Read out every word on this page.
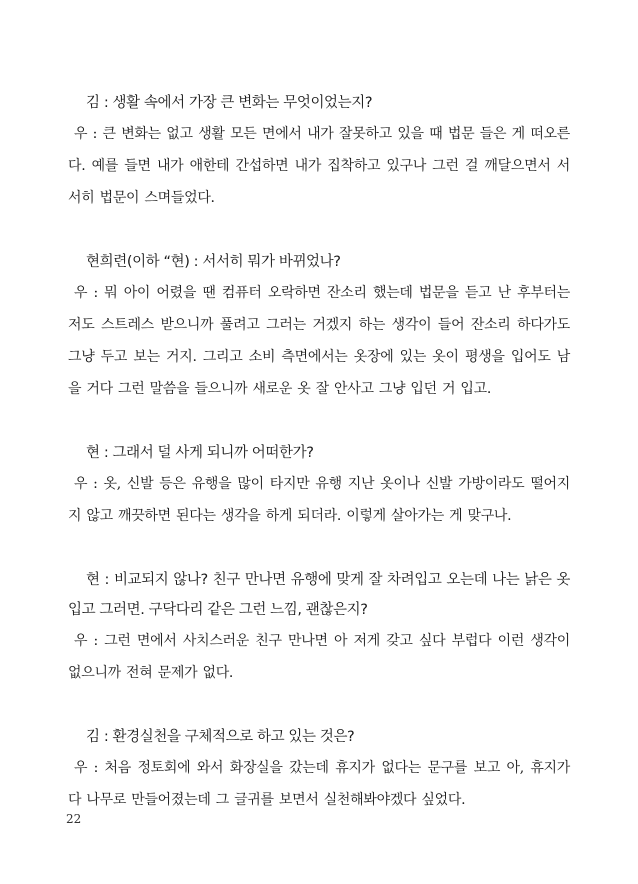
김 : 생활 속에서 가장 큰 변화는 무엇이었는지?

우 : 큰 변화는 없고 생활 모든 면에서 내가 잘못하고 있을 때 법문 들은 게 떠오른다. 예를 들면 내가 애한테 간섭하면 내가 집착하고 있구나 그런 걸 깨달으면서 서서히 법문이 스며들었다.

현희련(이하 “현) : 서서히 뭐가 바뀌었나?

우 : 뭐 아이 어렸을 땐 컴퓨터 오락하면 잔소리 했는데 법문을 듣고 난 후부터는 저도 스트레스 받으니까 풀려고 그러는 거겠지 하는 생각이 들어 잔소리 하다가도 그냥 두고 보는 거지. 그리고 소비 측면에서는 옷장에 있는 옷이 평생을 입어도 남을 거다 그런 말씀을 들으니까 새로운 옷 잘 안사고 그냥 입던 거 입고.

현 : 그래서 덜 사게 되니까 어떠한가?

우 : 옷, 신발 등은 유행을 많이 타지만 유행 지난 옷이나 신발 가방이라도 떨어지지 않고 깨끗하면 된다는 생각을 하게 되더라. 이렇게 살아가는 게 맞구나.

현 : 비교되지 않나? 친구 만나면 유행에 맞게 잘 차려입고 오는데 나는 낡은 옷 입고 그러면. 구닥다리 같은 그런 느낌, 괜찮은지?

우 : 그런 면에서 사치스러운 친구 만나면 아 저게 갖고 싶다 부럽다 이런 생각이 없으니까 전혀 문제가 없다.

김 : 환경실천을 구체적으로 하고 있는 것은?

우 : 처음 정토회에 와서 화장실을 갔는데 휴지가 없다는 문구를 보고 아, 휴지가 다 나무로 만들어졌는데 그 글귀를 보면서 실천해봐야겠다 싶었다.

22
